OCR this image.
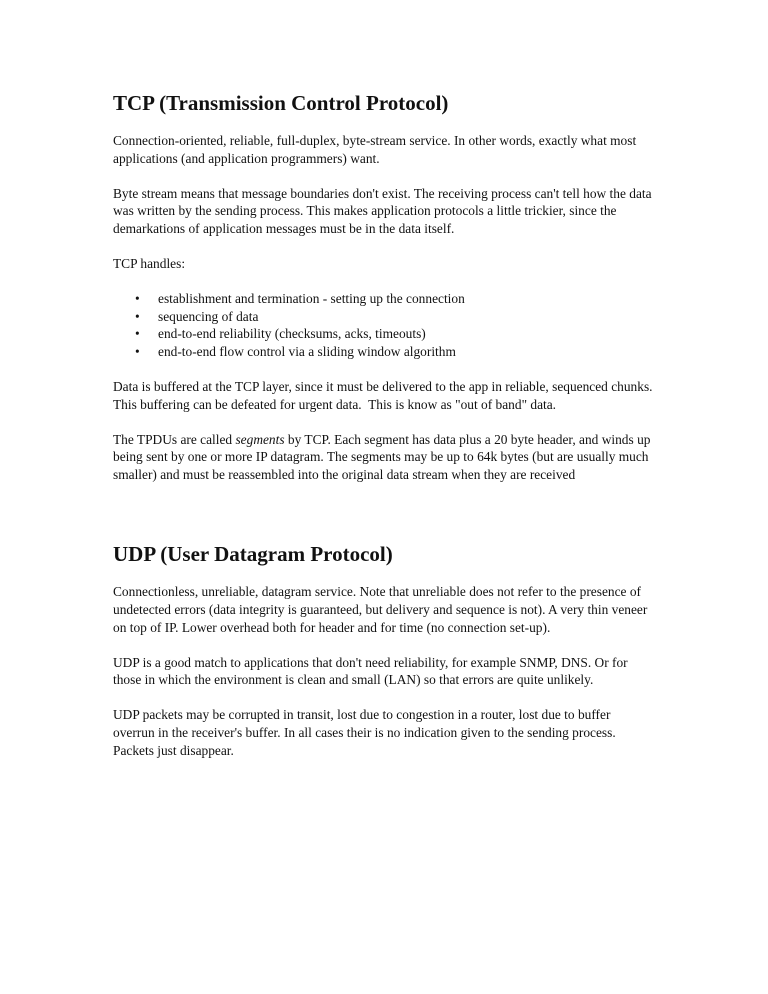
TCP (Transmission Control Protocol)

Connection-oriented, reliable, full-duplex, byte-stream service. In other words, exactly what most applications (and application programmers) want.

Byte stream means that message boundaries don't exist. The receiving process can't tell how the data was written by the sending process. This makes application protocols a little trickier, since the demarkations of application messages must be in the data itself.

TCP handles:

• establishment and termination - setting up the connection
• sequencing of data
• end-to-end reliability (checksums, acks, timeouts)
• end-to-end flow control via a sliding window algorithm

Data is buffered at the TCP layer, since it must be delivered to the app in reliable, sequenced chunks.  This buffering can be defeated for urgent data.  This is know as "out of band" data.

The TPDUs are called segments by TCP. Each segment has data plus a 20 byte header, and winds up being sent by one or more IP datagram. The segments may be up to 64k bytes (but are usually much smaller) and must be reassembled into the original data stream when they are received

UDP (User Datagram Protocol)

Connectionless, unreliable, datagram service. Note that unreliable does not refer to the presence of undetected errors (data integrity is guaranteed, but delivery and sequence is not). A very thin veneer on top of IP. Lower overhead both for header and for time (no connection set-up).

UDP is a good match to applications that don't need reliability, for example SNMP, DNS. Or for those in which the environment is clean and small (LAN) so that errors are quite unlikely.

UDP packets may be corrupted in transit, lost due to congestion in a router, lost due to buffer overrun in the receiver's buffer. In all cases their is no indication given to the sending process. Packets just disappear.
